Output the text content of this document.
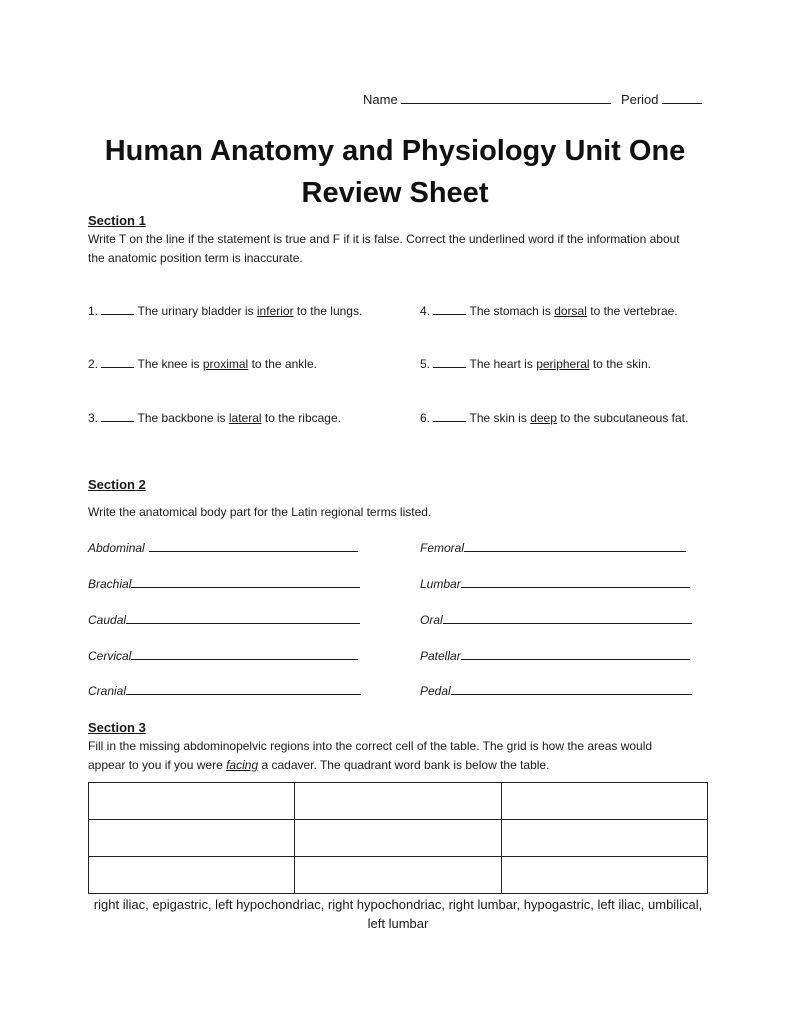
Name	Period
Human Anatomy and Physiology Unit One
Review Sheet
Section 1
Write T on the line if the statement is true and F if it is false. Correct the underlined word if the information about the anatomic position term is inaccurate.
1.	The urinary bladder is inferior to the lungs.
2.	The knee is proximal to the ankle.
3.	The backbone is lateral to the ribcage.
4.	The stomach is dorsal to the vertebrae.
5.	The heart is peripheral to the skin.
6.	The skin is deep to the subcutaneous fat.
Section 2
Write the anatomical body part for the Latin regional terms listed.
Abdominal
Brachial
Caudal
Cervical
Cranial
Femoral
Lumbar
Oral
Patellar
Pedal
Section 3
Fill in the missing abdominopelvic regions into the correct cell of the table. The grid is how the areas would appear to you if you were facing a cadaver. The quadrant word bank is below the table.

right iliac, epigastric, left hypochondriac, right hypochondriac, right lumbar, hypogastric, left iliac, umbilical, left lumbar
